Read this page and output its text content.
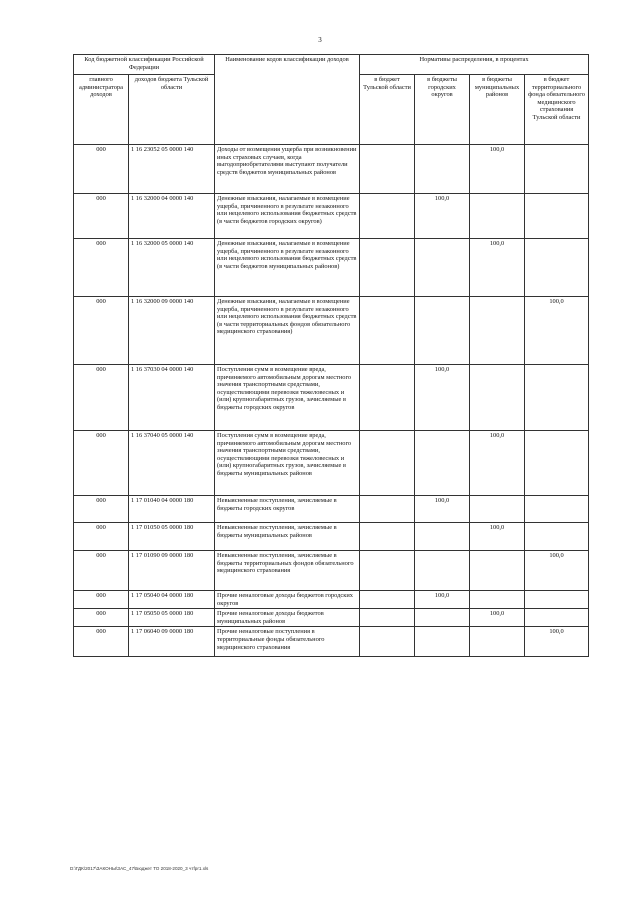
3
Код бюджетной классификации Российской Федерации		Наименование кодов классификации доходов	Нормативы распределения, в процентах			
главного администратора доходов	доходов бюджета Тульской области		в бюджет Тульской области	в бюджеты городских округов	в бюджеты муниципальных районов	в бюджет территориального фонда обязательного медицинского страхования Тульской области
000	1 16 23052 05 0000 140	Доходы от возмещения ущерба при возникновении иных страховых случаев, когда выгодоприобретателями выступают получатели средств бюджетов муниципальных районов			100,0	
000	1 16 32000 04 0000 140	Денежные взыскания, налагаемые в возмещение ущерба, причиненного в результате незаконного или нецелевого использования бюджетных средств (в части бюджетов городских округов)		100,0		
000	1 16 32000 05 0000 140	Денежные взыскания, налагаемые в возмещение ущерба, причиненного в результате незаконного или нецелевого использования бюджетных средств (в части бюджетов муниципальных районов)			100,0	
000	1 16 32000 09 0000 140	Денежные взыскания, налагаемые в возмещение ущерба, причиненного в результате незаконного или нецелевого использования бюджетных средств (в части территориальных фондов обязательного медицинского страхования)				100,0
000	1 16 37030 04 0000 140	Поступления сумм в возмещение вреда, причиняемого автомобильным дорогам местного значения транспортными средствами, осуществляющими перевозки тяжеловесных и (или) крупногабаритных грузов, зачисляемые в бюджеты городских округов		100,0		
000	1 16 37040 05 0000 140	Поступления сумм в возмещение вреда, причиняемого автомобильным дорогам местного значения транспортными средствами, осуществляющими перевозки тяжеловесных и (или) крупногабаритных грузов, зачисляемые в бюджеты муниципальных районов			100,0	
000	1 17 01040 04 0000 180	Невыясненные поступления, зачисляемые в бюджеты городских округов		100,0		
000	1 17 01050 05 0000 180	Невыясненные поступления, зачисляемые в бюджеты муниципальных районов			100,0	
000	1 17 01090 09 0000 180	Невыясненные поступления, зачисляемые в бюджеты территориальных фондов обязательного медицинского страхования				100,0
000	1 17 05040 04 0000 180	Прочие неналоговые доходы бюджетов городских округов		100,0		
000	1 17 05050 05 0000 180	Прочие неналоговые доходы бюджетов муниципальных районов			100,0	
000	1 17 06040 09 0000 180	Прочие неналоговые поступления в территориальные фонды обязательного медицинского страхования				100,0
D:\ГДК\2017\ЗАКОНЫ\ЗАС_47\Бюджет ТО 2018-2020_3 чтfpr1.xls
